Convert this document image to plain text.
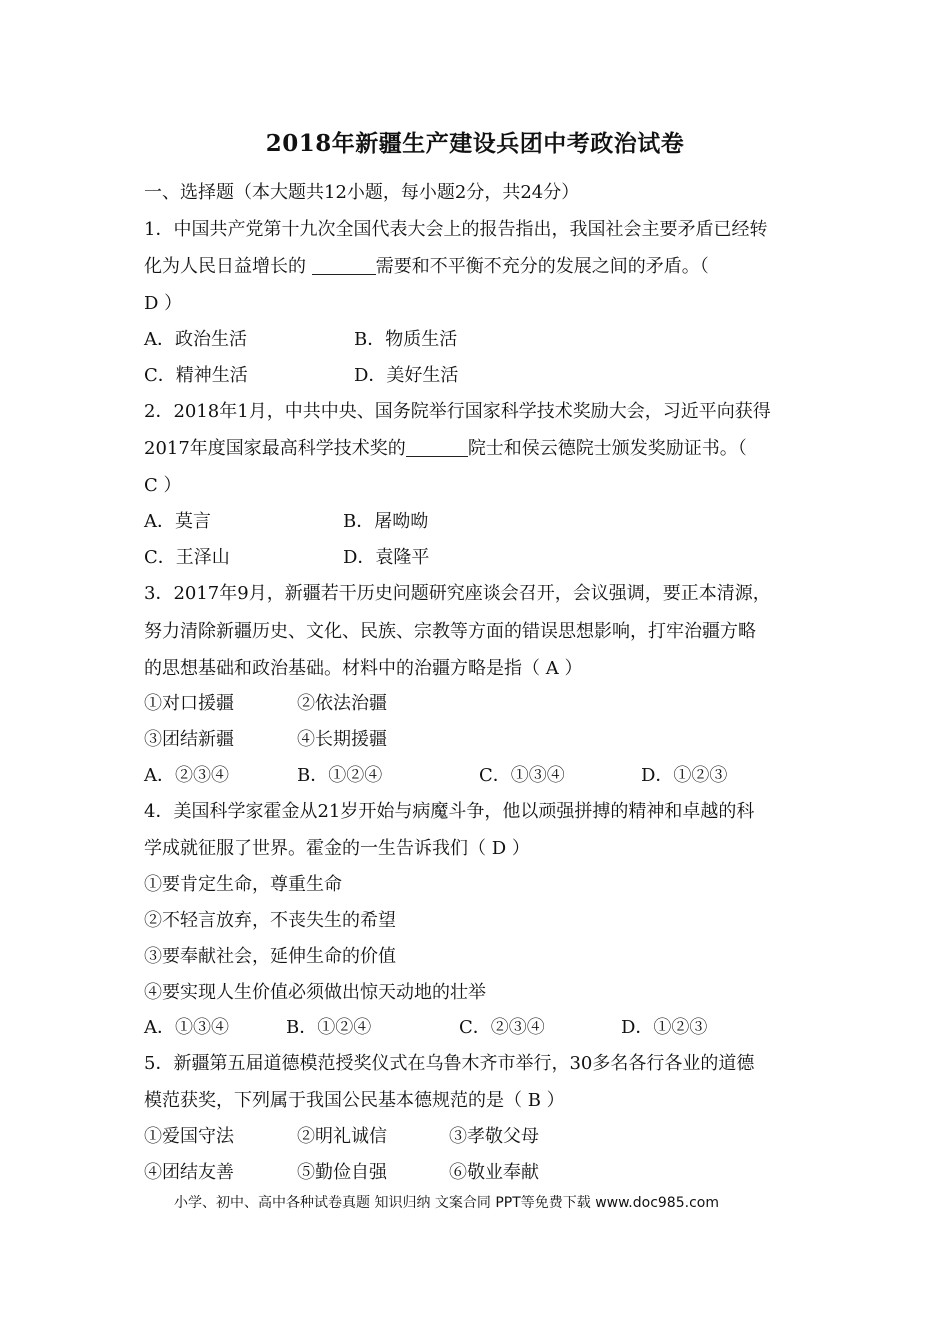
2018年新疆生产建设兵团中考政治试卷
一、选择题（本大题共12小题，每小题2分，共24分）
1．中国共产党第十九次全国代表大会上的报告指出，我国社会主要矛盾已经转
化为人民日益增长的	需要和不平衡不充分的发展之间的矛盾。（
D ）
A．政治生活	B．物质生活
C．精神生活	D．美好生活
2．2018年1月，中共中央、国务院举行国家科学技术奖励大会，习近平向获得
2017年度国家最高科学技术奖的	院士和侯云德院士颁发奖励证书。（
C ）
A．莫言	B．屠呦呦
C．王泽山	D．袁隆平
3．2017年9月，新疆若干历史问题研究座谈会召开，会议强调，要正本清源，
努力清除新疆历史、文化、民族、宗教等方面的错误思想影响，打牢治疆方略
的思想基础和政治基础。材料中的治疆方略是指（ A ）
①对口援疆	②依法治疆
③团结新疆	④长期援疆
A．②③④	B．①②④	C．①③④	D．①②③
4．美国科学家霍金从21岁开始与病魔斗争，他以顽强拼搏的精神和卓越的科
学成就征服了世界。霍金的一生告诉我们（ D ）
①要肯定生命，尊重生命
②不轻言放弃，不丧失生的希望
③要奉献社会，延伸生命的价值
④要实现人生价值必须做出惊天动地的壮举
A．①③④	B．①②④	C．②③④	D．①②③
5．新疆第五届道德模范授奖仪式在乌鲁木齐市举行，30多名各行各业的道德
模范获奖，下列属于我国公民基本德规范的是（ B ）
①爱国守法	②明礼诚信	③孝敬父母
④团结友善	⑤勤俭自强	⑥敬业奉献
小学、初中、高中各种试卷真题 知识归纳 文案合同 PPT等免费下载 www.doc985.com
